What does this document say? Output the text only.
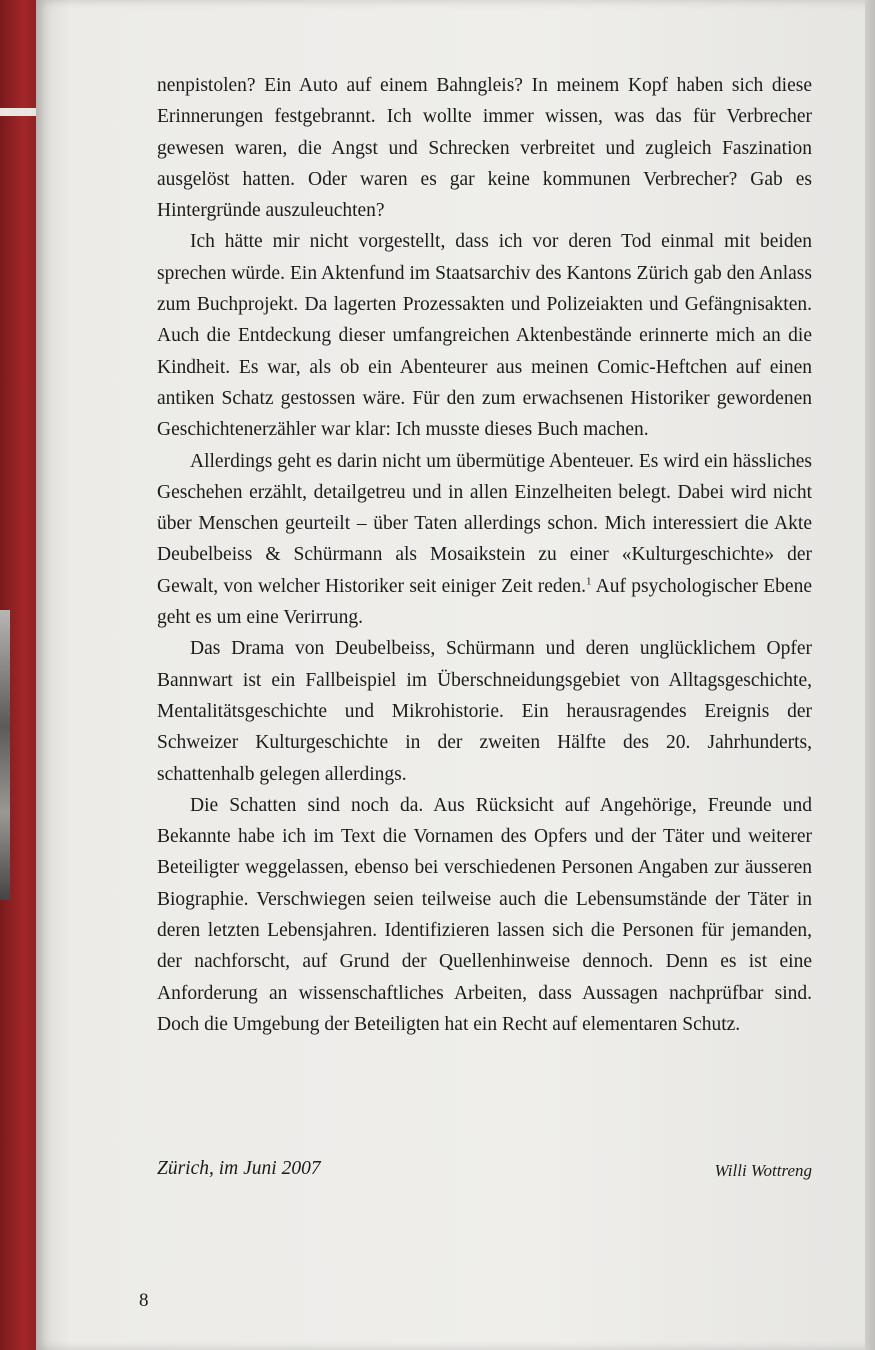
nenpistolen? Ein Auto auf einem Bahngleis? In meinem Kopf haben sich diese Erinnerungen festgebrannt. Ich wollte immer wissen, was das für Verbrecher gewesen waren, die Angst und Schrecken verbreitet und zugleich Faszination ausgelöst hatten. Oder waren es gar keine kommunen Verbrecher? Gab es Hintergründe auszuleuchten?

Ich hätte mir nicht vorgestellt, dass ich vor deren Tod einmal mit beiden sprechen würde. Ein Aktenfund im Staatsarchiv des Kantons Zürich gab den Anlass zum Buchprojekt. Da lagerten Prozessakten und Polizeiakten und Gefängnisakten. Auch die Entdeckung dieser umfangreichen Aktenbestände erinnerte mich an die Kindheit. Es war, als ob ein Abenteurer aus meinen Comic-Heftchen auf einen antiken Schatz gestossen wäre. Für den zum erwachsenen Historiker gewordenen Geschichtenerzähler war klar: Ich musste dieses Buch machen.

Allerdings geht es darin nicht um übermütige Abenteuer. Es wird ein hässliches Geschehen erzählt, detailgetreu und in allen Einzelheiten belegt. Dabei wird nicht über Menschen geurteilt – über Taten allerdings schon. Mich interessiert die Akte Deubelbeiss & Schürmann als Mosaikstein zu einer «Kulturgeschichte» der Gewalt, von welcher Historiker seit einiger Zeit reden.$^1$ Auf psychologischer Ebene geht es um eine Verirrung.

Das Drama von Deubelbeiss, Schürmann und deren unglücklichem Opfer Bannwart ist ein Fallbeispiel im Überschneidungsgebiet von Alltagsgeschichte, Mentalitätsgeschichte und Mikrohistorie. Ein herausragendes Ereignis der Schweizer Kulturgeschichte in der zweiten Hälfte des 20. Jahrhunderts, schattenhalb gelegen allerdings.

Die Schatten sind noch da. Aus Rücksicht auf Angehörige, Freunde und Bekannte habe ich im Text die Vornamen des Opfers und der Täter und weiterer Beteiligter weggelassen, ebenso bei verschiedenen Personen Angaben zur äusseren Biographie. Verschwiegen seien teilweise auch die Lebensumstände der Täter in deren letzten Lebensjahren. Identifizieren lassen sich die Personen für jemanden, der nachforscht, auf Grund der Quellenhinweise dennoch. Denn es ist eine Anforderung an wissenschaftliches Arbeiten, dass Aussagen nachprüfbar sind. Doch die Umgebung der Beteiligten hat ein Recht auf elementaren Schutz.

Zürich, im Juni 2007	Willi Wottreng
8
